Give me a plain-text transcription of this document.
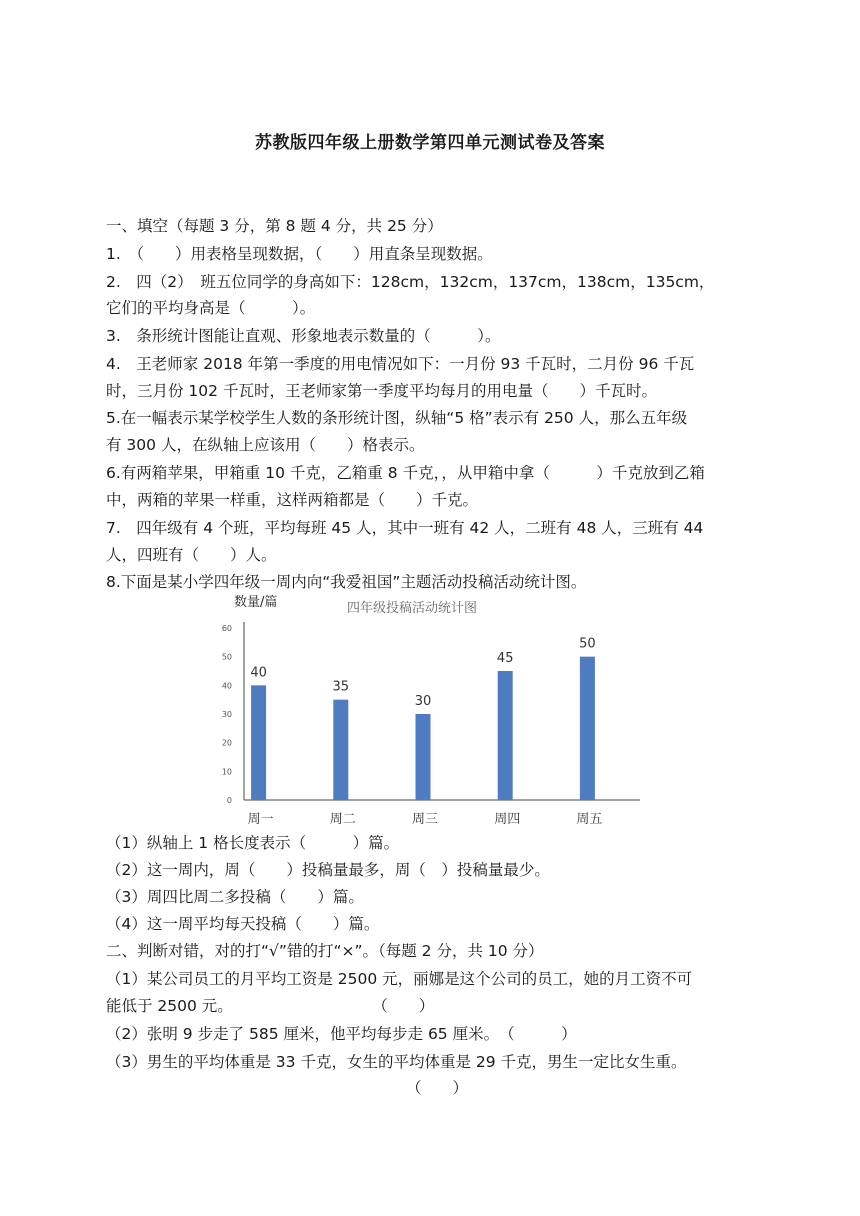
苏教版四年级上册数学第四单元测试卷及答案
一、填空（每题 3 分，第 8 题 4 分，共 25 分）
1.　（　　）用表格呈现数据，（　　）用直条呈现数据。
2.　四（2）　班五位同学的身高如下：128cm，132cm，137cm，138cm，135cm，
它们的平均身高是（　　　）。
3.　条形统计图能让直观、形象地表示数量的（　　　）。
4.　王老师家 2018 年第一季度的用电情况如下：一月份 93 千瓦时，二月份 96 千瓦
时，三月份 102 千瓦时，王老师家第一季度平均每月的用电量（　　）千瓦时。
5.在一幅表示某学校学生人数的条形统计图，纵轴“5 格”表示有 250 人，那么五年级
有 300 人，在纵轴上应该用（　　）格表示。
6.有两箱苹果，甲箱重 10 千克，乙箱重 8 千克，，从甲箱中拿（　　　）千克放到乙箱
中，两箱的苹果一样重，这样两箱都是（　　）千克。
7.　四年级有 4 个班，平均每班 45 人，其中一班有 42 人，二班有 48 人，三班有 44
人，四班有（　　）人。
8.下面是某小学四年级一周内向“我爱祖国”主题活动投稿活动统计图。
四年级投稿活动统计图
数量/篇
0
10
20
30
40
50
60
40
周一
35
周二
30
周三
45
周四
50
周五
（1）纵轴上 1 格长度表示（　　　）篇。
（2）这一周内，周（　　）投稿量最多，周（　）投稿量最少。
（3）周四比周二多投稿（　　）篇。
（4）这一周平均每天投稿（　　）篇。
二、判断对错，对的打“√”错的打“×”。（每题 2 分，共 10 分）
（1）某公司员工的月平均工资是 2500 元，丽娜是这个公司的员工，她的月工资不可
能低于 2500 元。　　　　　　　　　　（　　）
（2）张明 9 步走了 585 厘米，他平均每步走 65 厘米。　（　　　）
（3）男生的平均体重是 33 千克，女生的平均体重是 29 千克，男生一定比女生重。
（　　）
